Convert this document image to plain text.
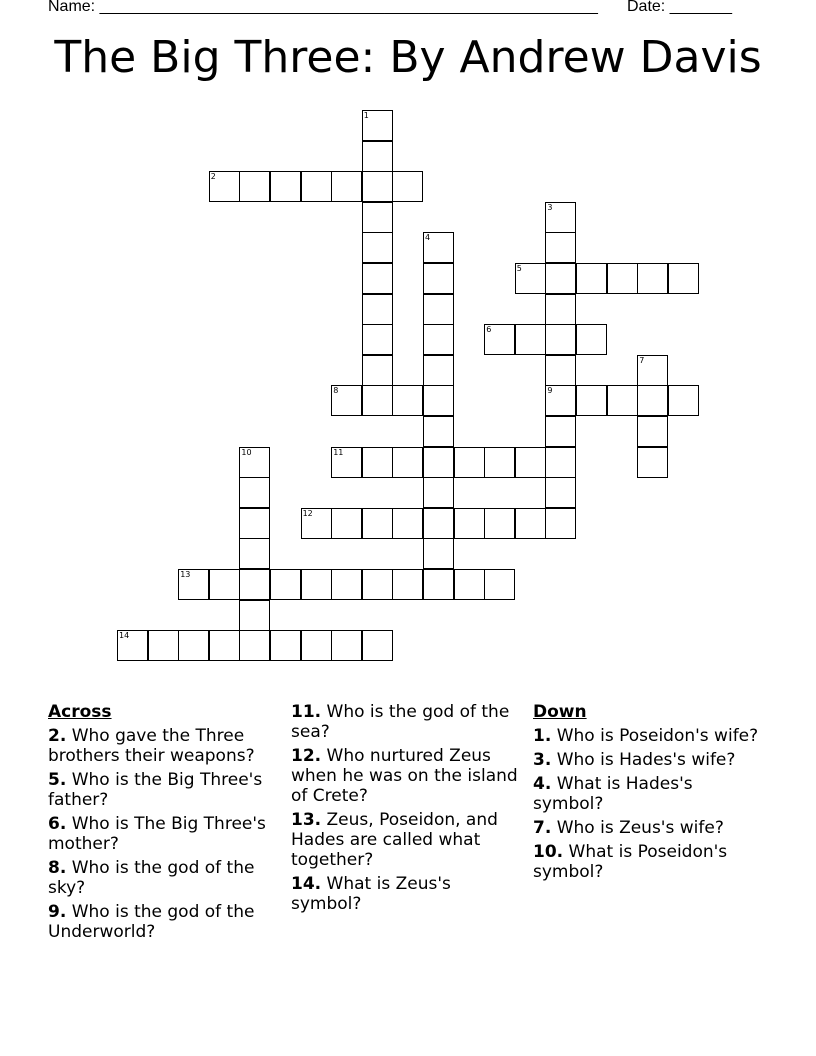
Name: ________________________________________________________ Date: _______
The Big Three: By Andrew Davis
1
2
3
9
4
5
6
7
8
10	11
12
13
14
Across
2. Who gave the Three brothers their weapons?
5. Who is the Big Three's father?
6. Who is The Big Three's mother?
8. Who is the god of the sky?
9. Who is the god of the Underworld?
11. Who is the god of the sea?
12. Who nurtured Zeus when he was on the island of Crete?
13. Zeus, Poseidon, and Hades are called what together?
14. What is Zeus's symbol?
Down
1. Who is Poseidon's wife?
3. Who is Hades's wife?
4. What is Hades's symbol?
7. Who is Zeus's wife?
10. What is Poseidon's symbol?
